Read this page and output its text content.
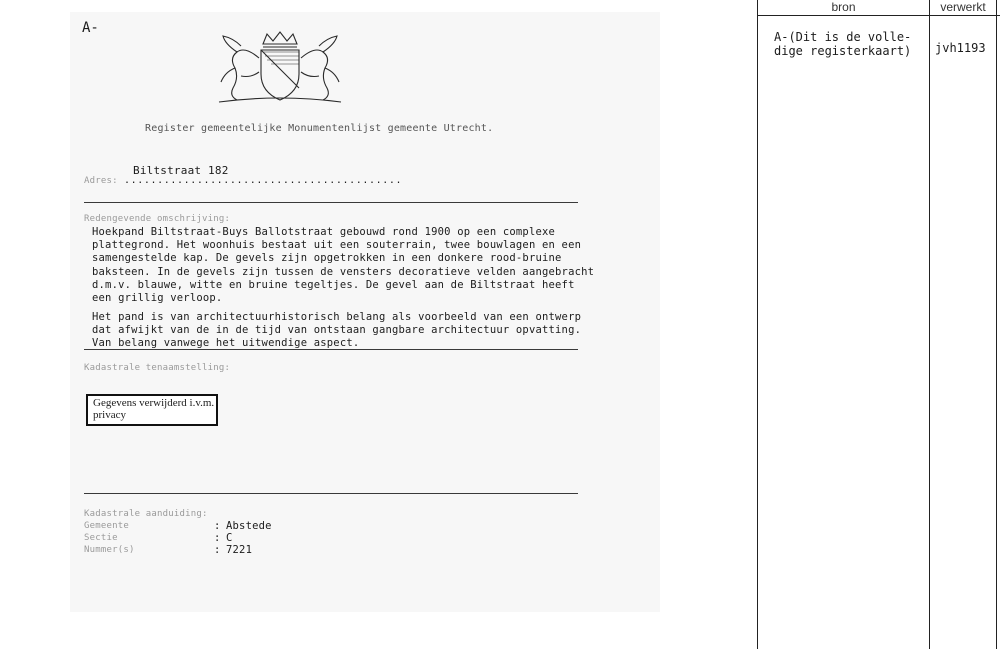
A-
Register gemeentelijke Monumentenlijst gemeente Utrecht.
Biltstraat 182
Adres: ..........................................
Redengevende omschrijving:
Hoekpand Biltstraat-Buys Ballotstraat gebouwd rond 1900 op een complexe
plattegrond. Het woonhuis bestaat uit een souterrain, twee bouwlagen en een
samengestelde kap. De gevels zijn opgetrokken in een donkere rood-bruine
baksteen. In de gevels zijn tussen de vensters decoratieve velden aangebracht
d.m.v. blauwe, witte en bruine tegeltjes. De gevel aan de Biltstraat heeft
een grillig verloop.
Het pand is van architectuurhistorisch belang als voorbeeld van een ontwerp
dat afwijkt van de in de tijd van ontstaan gangbare architectuur opvatting.
Van belang vanwege het uitwendige aspect.
Kadastrale tenaamstelling:
Gegevens verwijderd i.v.m.
privacy
Kadastrale aanduiding:
Gemeente	: Abstede
Sectie	: C
Nummer(s)	: 7221
bron	verwerkt
A-(Dit is de volle-
dige registerkaart) jvh1193
